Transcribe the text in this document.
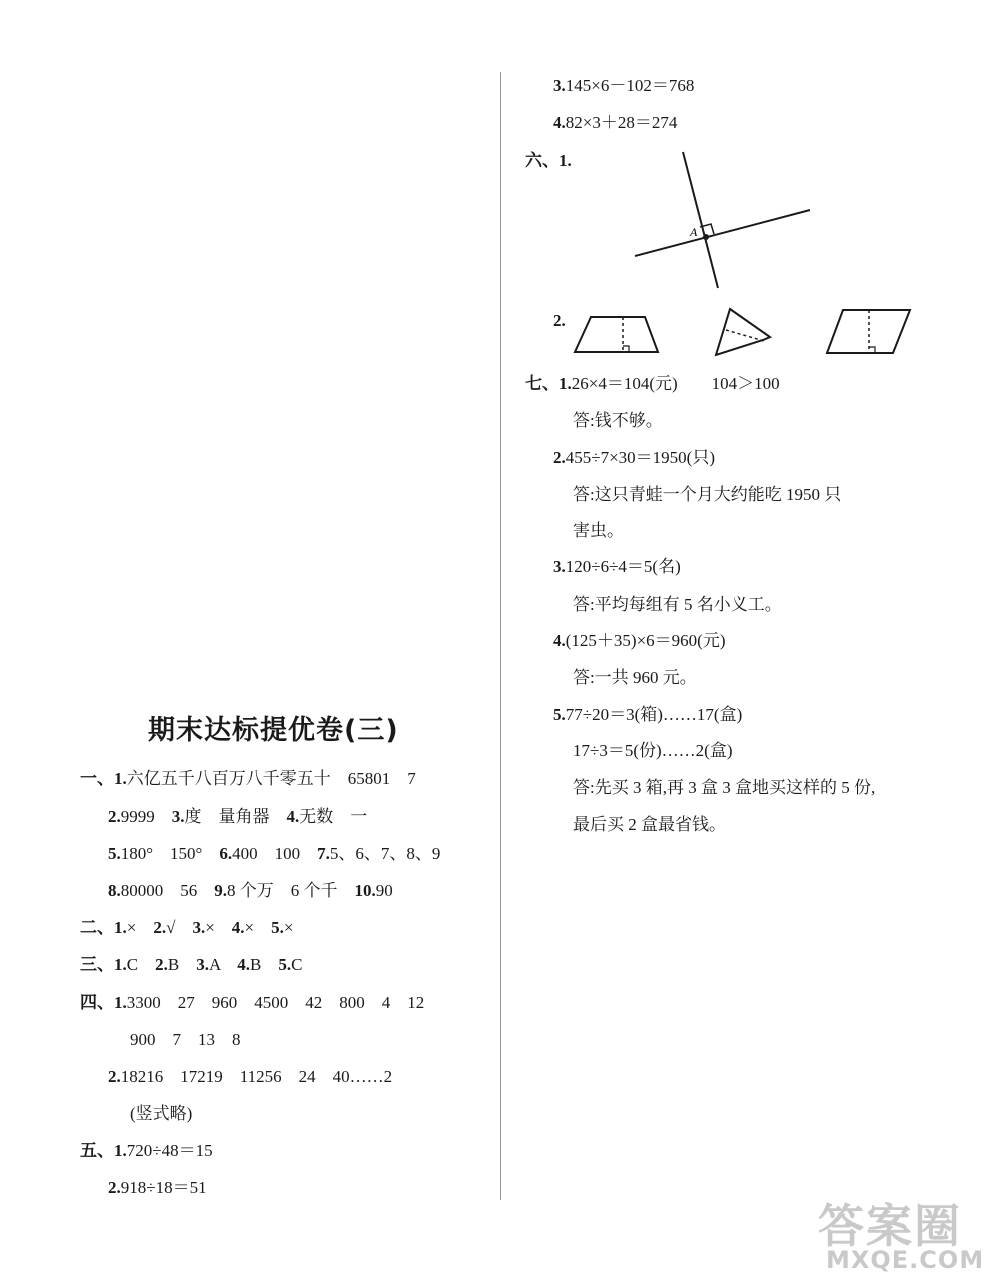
3.145×6－102＝768
4.82×3＋28＝274
六、1.
A
2.
七、1.26×4＝104(元)　　104＞100
答:钱不够。
2.455÷7×30＝1950(只)
答:这只青蛙一个月大约能吃 1950 只
害虫。
3.120÷6÷4＝5(名)
答:平均每组有 5 名小义工。
4.(125＋35)×6＝960(元)
答:一共 960 元。
5.77÷20＝3(箱)……17(盒)
17÷3＝5(份)……2(盒)
答:先买 3 箱,再 3 盒 3 盒地买这样的 5 份,
最后买 2 盒最省钱。
期末达标提优卷(三)
一、1.六亿五千八百万八千零五十　65801　7
2.9999　3.度　量角器　4.无数　一
5.180°　150°　6.400　100　7.5、6、7、8、9
8.80000　56　9.8 个万　6 个千　10.90
二、1.×　2.√　3.×　4.×　5.×
三、1.C　2.B　3.A　4.B　5.C
四、1.3300　27　960　4500　42　800　4　12
900　7　13　8
2.18216　17219　11256　24　40……2
(竖式略)
五、1.720÷48＝15
2.918÷18＝51
答案圈
MXQE.COM
